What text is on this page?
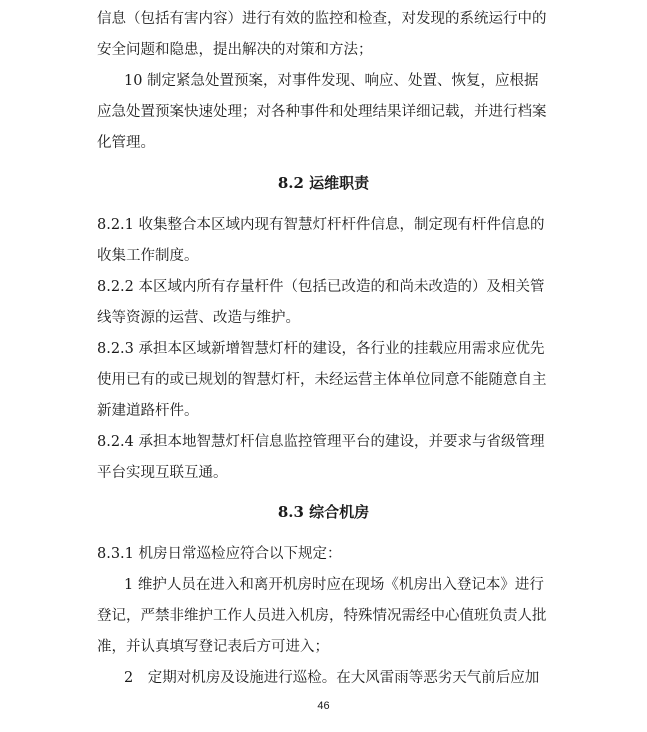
信息（包括有害内容）进行有效的监控和检查，对发现的系统运行中的
安全问题和隐患，提出解决的对策和方法；
10 制定紧急处置预案，对事件发现、响应、处置、恢复，应根据
应急处置预案快速处理；对各种事件和处理结果详细记载，并进行档案
化管理。
8.2 运维职责
8.2.1 收集整合本区域内现有智慧灯杆杆件信息，制定现有杆件信息的
收集工作制度。
8.2.2 本区域内所有存量杆件（包括已改造的和尚未改造的）及相关管
线等资源的运营、改造与维护。
8.2.3 承担本区域新增智慧灯杆的建设，各行业的挂载应用需求应优先
使用已有的或已规划的智慧灯杆，未经运营主体单位同意不能随意自主
新建道路杆件。
8.2.4 承担本地智慧灯杆信息监控管理平台的建设，并要求与省级管理
平台实现互联互通。
8.3 综合机房
8.3.1 机房日常巡检应符合以下规定：
1 维护人员在进入和离开机房时应在现场《机房出入登记本》进行
登记，严禁非维护工作人员进入机房，特殊情况需经中心值班负责人批
准，并认真填写登记表后方可进入；
2　定期对机房及设施进行巡检。在大风雷雨等恶劣天气前后应加
46
